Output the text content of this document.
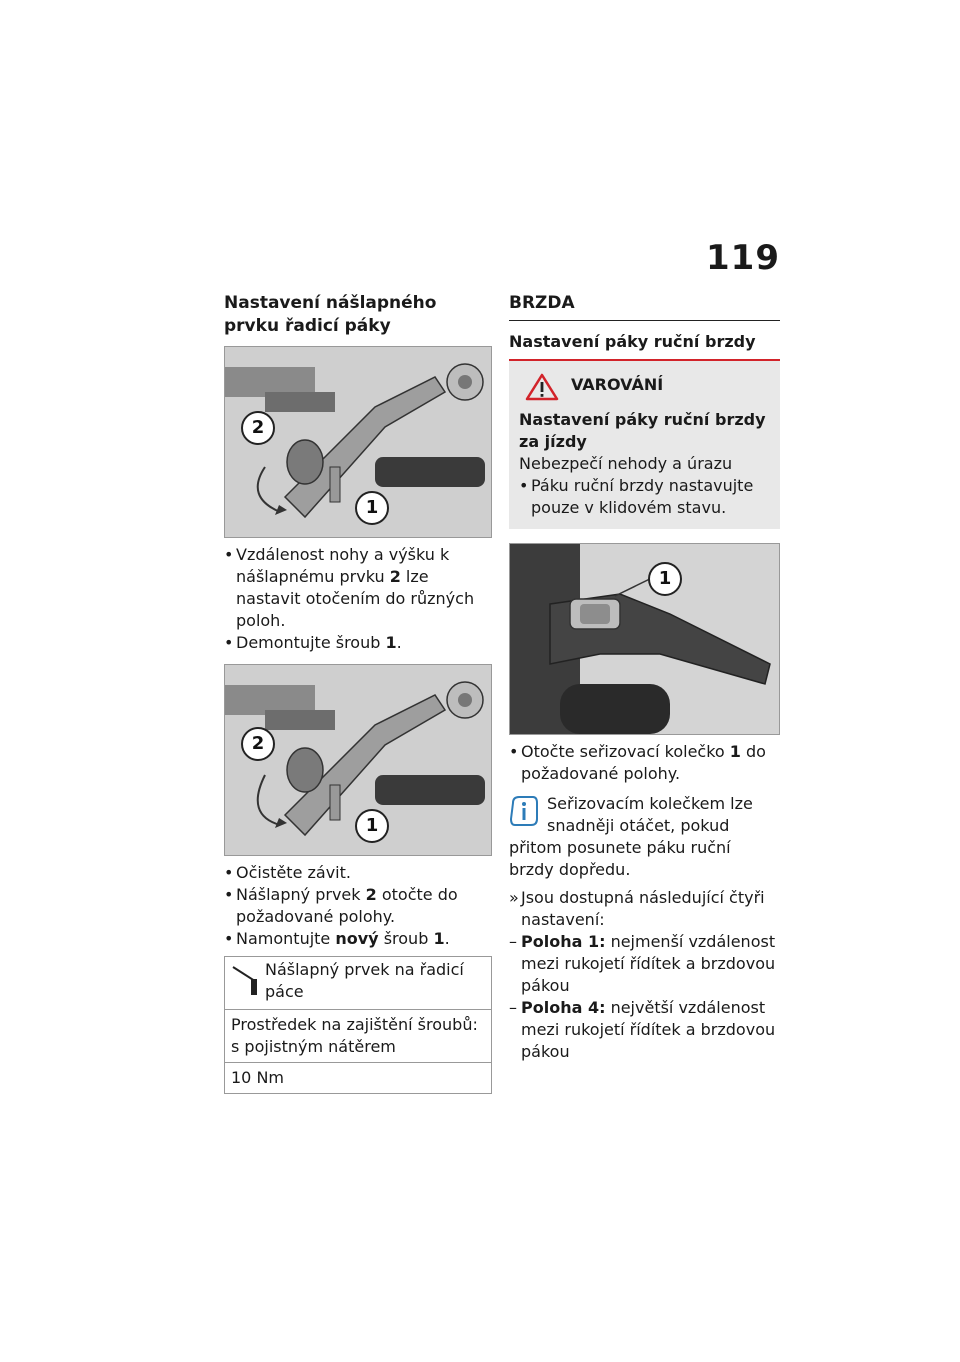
119
Nastavení nášlapného prvku řadicí páky
2
1
• Vzdálenost nohy a výšku k nášlapnému prvku 2 lze nastavit otočením do různých poloh.
• Demontujte šroub 1.
2
1
• Očistěte závit.
• Nášlapný prvek 2 otočte do požadované polohy.
• Namontujte nový šroub 1.
Nášlapný prvek na řadicí páce
Prostředek na zajištění šroubů: s pojistným nátěrem
10 Nm
BRZDA
Nastavení páky ruční brzdy
VAROVÁNÍ
Nastavení páky ruční brzdy za jízdy
Nebezpečí nehody a úrazu
• Páku ruční brzdy nastavujte pouze v klidovém stavu.
1
• Otočte seřizovací kolečko 1 do požadované polohy.
Seřizovacím kolečkem lze snadněji otáčet, pokud přitom posunete páku ruční brzdy dopředu.
» Jsou dostupná následující čtyři nastavení:
– Poloha 1: nejmenší vzdálenost mezi rukojetí řídítek a brzdovou pákou
– Poloha 4: největší vzdálenost mezi rukojetí řídítek a brzdovou pákou
